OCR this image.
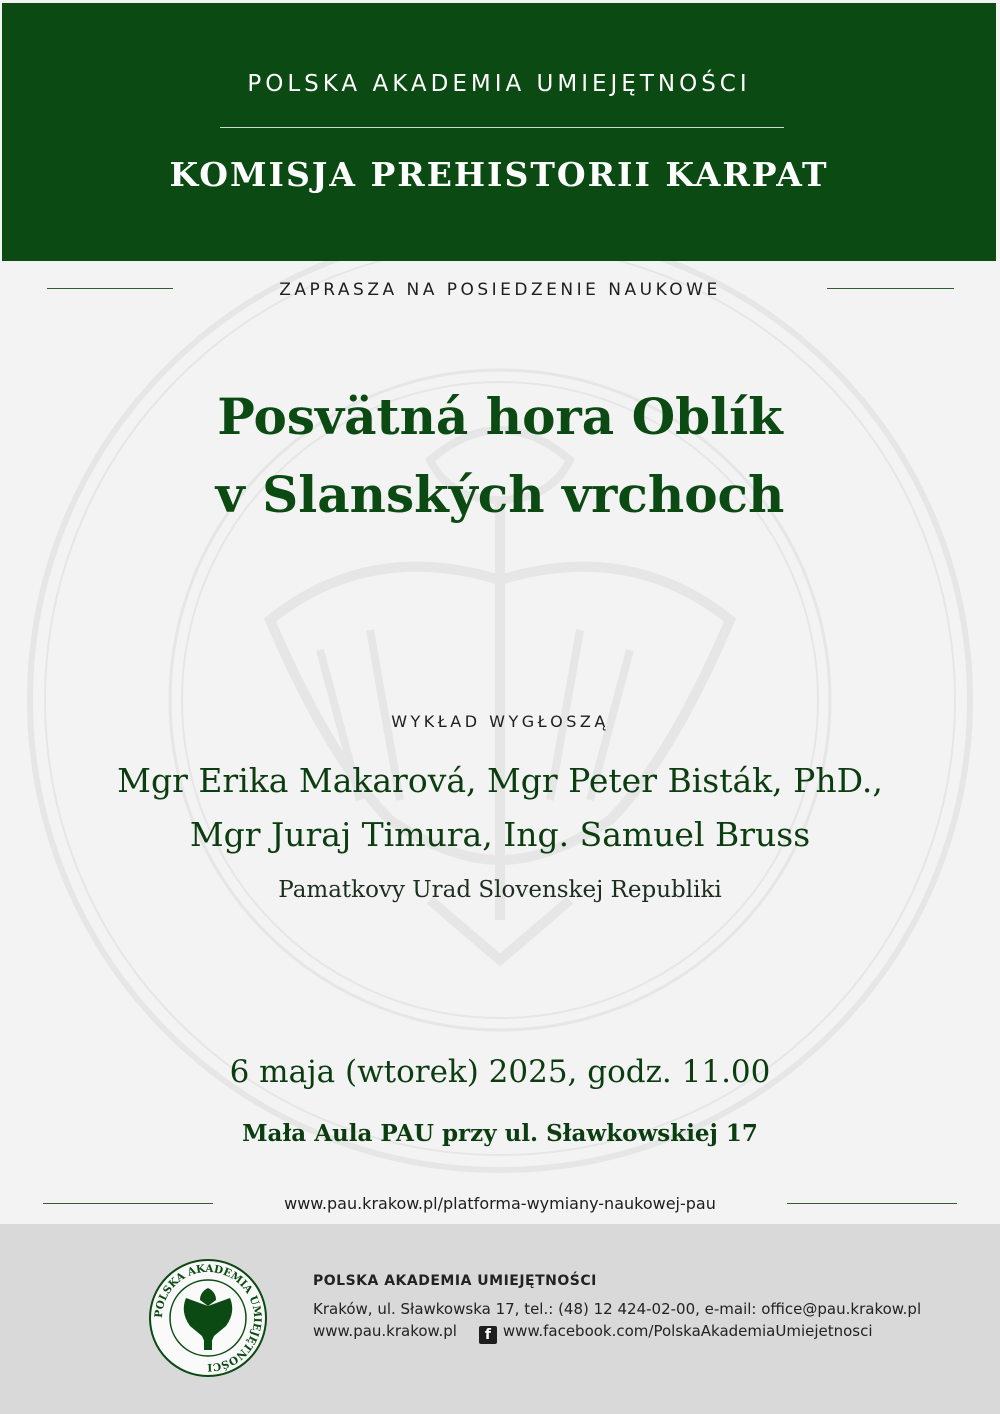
POLSKA AKADEMIA UMIEJĘTNOŚCI
KOMISJA PREHISTORII KARPAT
ZAPRASZA NA POSIEDZENIE NAUKOWE
Posvätná hora Oblík
v Slanských vrchoch
WYKŁAD WYGŁOSZĄ
Mgr Erika Makarová, Mgr Peter Bisták, PhD.,
Mgr Juraj Timura, Ing. Samuel Bruss
Pamatkovy Urad Slovenskej Republiki
6 maja (wtorek) 2025, godz. 11.00
Mała Aula PAU przy ul. Sławkowskiej 17
www.pau.krakow.pl/platforma-wymiany-naukowej-pau
POLSKA AKADEMIA UMIEJĘTNOŚCI
POLSKA AKADEMIA UMIEJĘTNOŚCI
Kraków, ul. Sławkowska 17, tel.: (48) 12 424-02-00, e-mail: office@pau.krakow.pl
www.pau.krakow.pl f www.facebook.com/PolskaAkademiaUmiejetnosci
